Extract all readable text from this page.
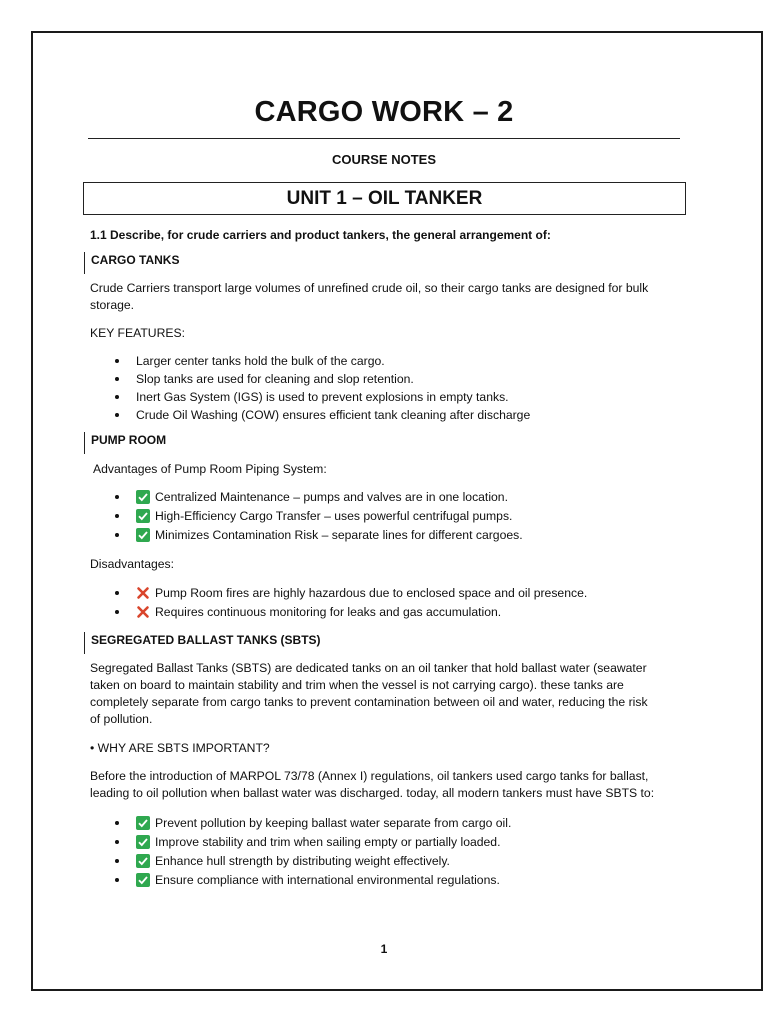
CARGO WORK – 2
COURSE NOTES
UNIT 1 – OIL TANKER
1.1 Describe, for crude carriers and product tankers, the general arrangement of:
CARGO TANKS
Crude Carriers transport large volumes of unrefined crude oil, so their cargo tanks are designed for bulk
storage.
KEY FEATURES:
Larger center tanks hold the bulk of the cargo.
Slop tanks are used for cleaning and slop retention.
Inert Gas System (IGS) is used to prevent explosions in empty tanks.
Crude Oil Washing (COW) ensures efficient tank cleaning after discharge
PUMP ROOM
Advantages of Pump Room Piping System:
Centralized Maintenance – pumps and valves are in one location.
High-Efficiency Cargo Transfer – uses powerful centrifugal pumps.
Minimizes Contamination Risk – separate lines for different cargoes.
Disadvantages:
Pump Room fires are highly hazardous due to enclosed space and oil presence.
Requires continuous monitoring for leaks and gas accumulation.
SEGREGATED BALLAST TANKS (SBTS)
Segregated Ballast Tanks (SBTS) are dedicated tanks on an oil tanker that hold ballast water (seawater
taken on board to maintain stability and trim when the vessel is not carrying cargo). these tanks are
completely separate from cargo tanks to prevent contamination between oil and water, reducing the risk
of pollution.
• WHY ARE SBTS IMPORTANT?
Before the introduction of MARPOL 73/78 (Annex I) regulations, oil tankers used cargo tanks for ballast,
leading to oil pollution when ballast water was discharged. today, all modern tankers must have SBTS to:
Prevent pollution by keeping ballast water separate from cargo oil.
Improve stability and trim when sailing empty or partially loaded.
Enhance hull strength by distributing weight effectively.
Ensure compliance with international environmental regulations.
1
